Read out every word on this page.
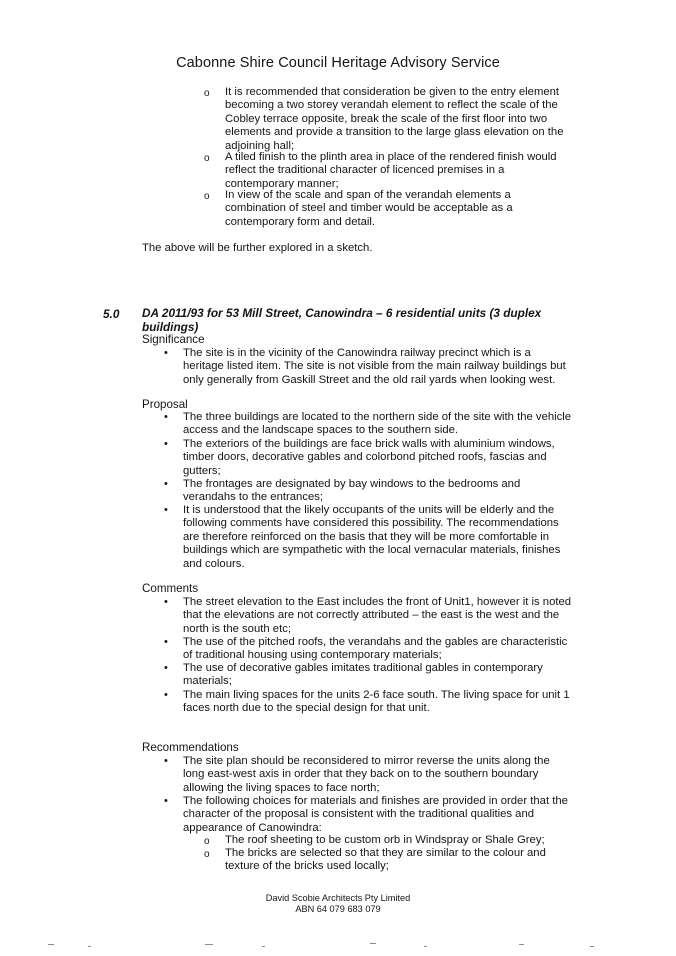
Cabonne Shire Council Heritage Advisory Service
o It is recommended that consideration be given to the entry element becoming a two storey verandah element to reflect the scale of the Cobley terrace opposite, break the scale of the first floor into two elements and provide a transition to the large glass elevation on the adjoining hall;
o A tiled finish to the plinth area in place of the rendered finish would reflect the traditional character of licenced premises in a contemporary manner;
o In view of the scale and span of the verandah elements a combination of steel and timber would be acceptable as a contemporary form and detail.
The above will be further explored in a sketch.
5.0 DA 2011/93 for 53 Mill Street, Canowindra – 6 residential units (3 duplex buildings)
Significance
• The site is in the vicinity of the Canowindra railway precinct which is a heritage listed item. The site is not visible from the main railway buildings but only generally from Gaskill Street and the old rail yards when looking west.
Proposal
• The three buildings are located to the northern side of the site with the vehicle access and the landscape spaces to the southern side.
• The exteriors of the buildings are face brick walls with aluminium windows, timber doors, decorative gables and colorbond pitched roofs, fascias and gutters;
• The frontages are designated by bay windows to the bedrooms and verandahs to the entrances;
• It is understood that the likely occupants of the units will be elderly and the following comments have considered this possibility. The recommendations are therefore reinforced on the basis that they will be more comfortable in buildings which are sympathetic with the local vernacular materials, finishes and colours.
Comments
• The street elevation to the East includes the front of Unit1, however it is noted that the elevations are not correctly attributed – the east is the west and the north is the south etc;
• The use of the pitched roofs, the verandahs and the gables are characteristic of traditional housing using contemporary materials;
• The use of decorative gables imitates traditional gables in contemporary materials;
• The main living spaces for the units 2-6 face south. The living space for unit 1 faces north due to the special design for that unit.
Recommendations
• The site plan should be reconsidered to mirror reverse the units along the long east-west axis in order that they back on to the southern boundary allowing the living spaces to face north;
• The following choices for materials and finishes are provided in order that the character of the proposal is consistent with the traditional qualities and appearance of Canowindra:
o The roof sheeting to be custom orb in Windspray or Shale Grey;
o The bricks are selected so that they are similar to the colour and texture of the bricks used locally;
David Scobie Architects Pty Limited
ABN 64 079 683 079
